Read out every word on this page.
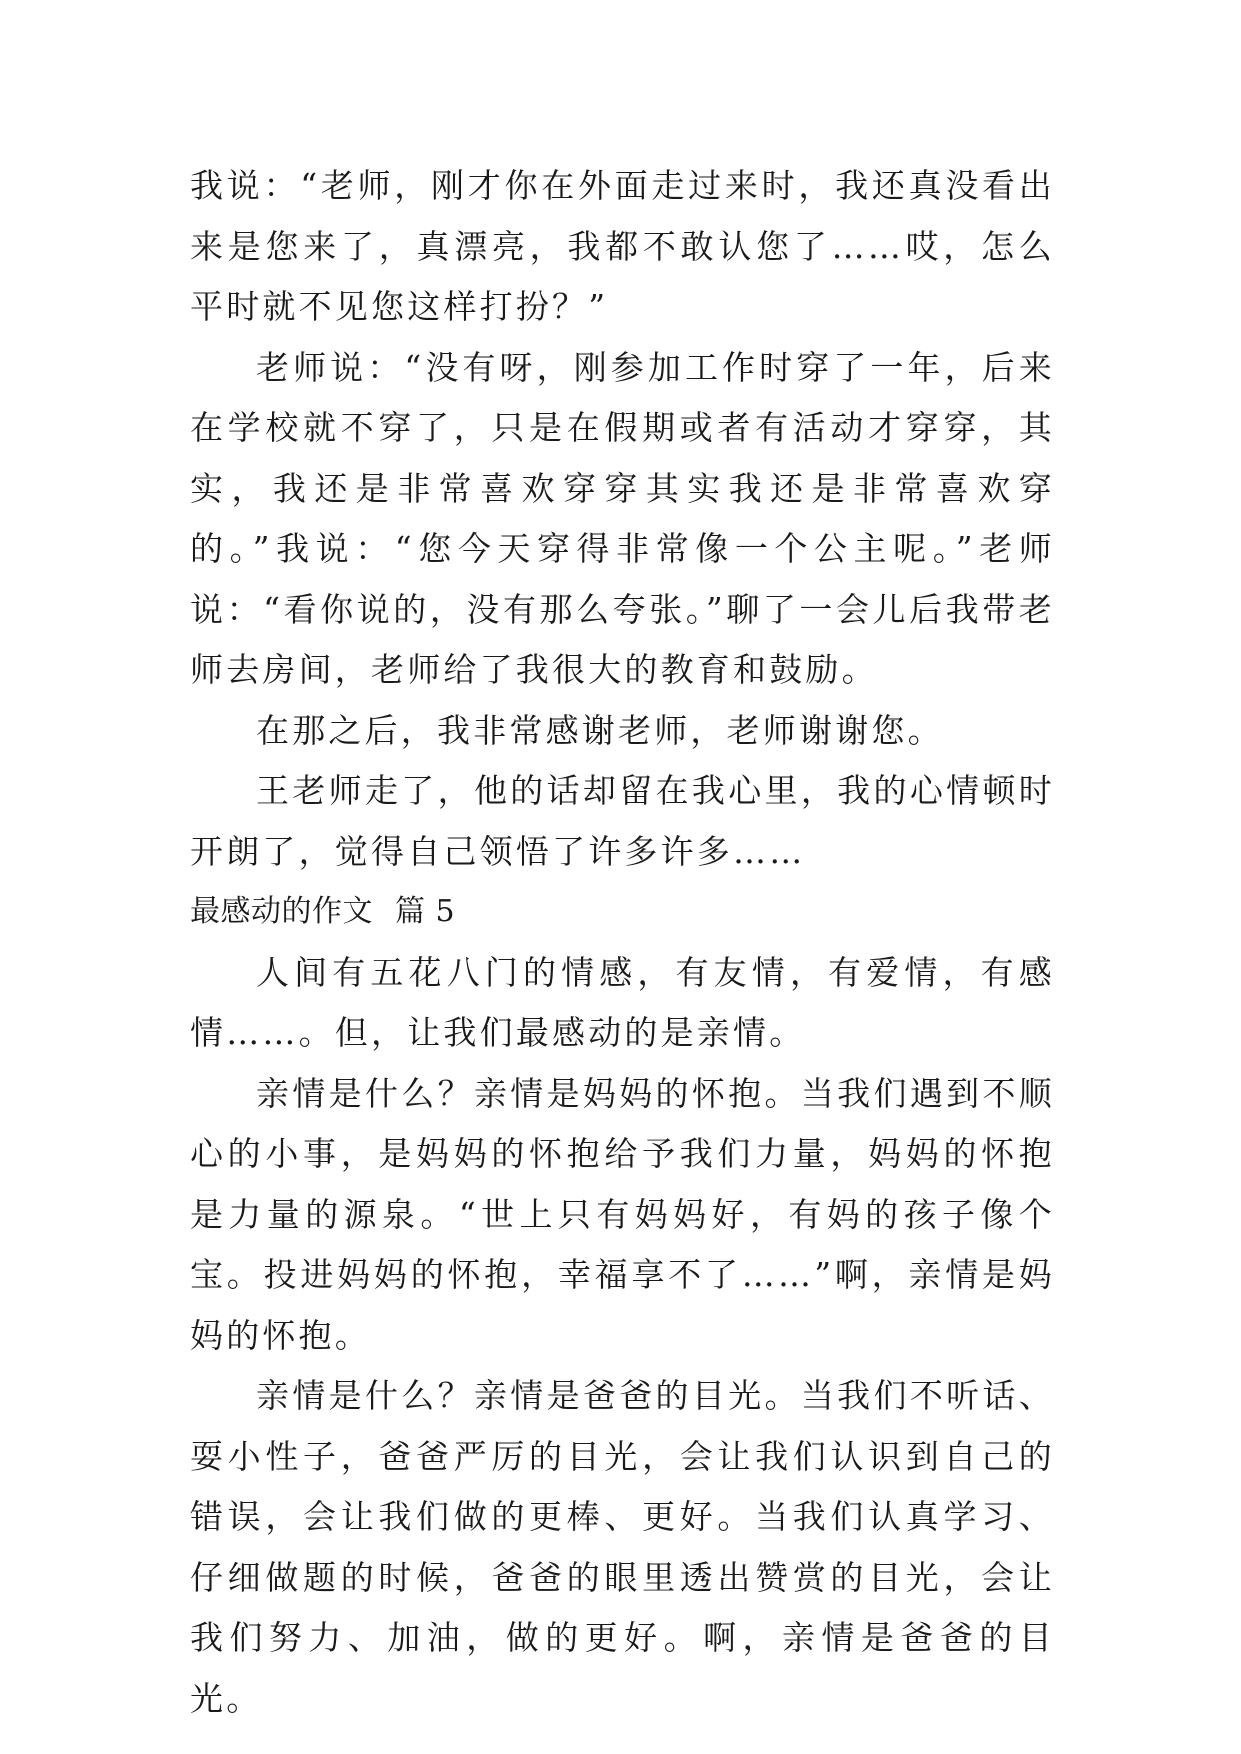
我说：“老师，刚才你在外面走过来时，我还真没看出来是您来了，真漂亮，我都不敢认您了……哎，怎么平时就不见您这样打扮？”

老师说：“没有呀，刚参加工作时穿了一年，后来在学校就不穿了，只是在假期或者有活动才穿穿，其实，我还是非常喜欢穿穿其实我还是非常喜欢穿的。”我说：“您今天穿得非常像一个公主呢。”老师说：“看你说的，没有那么夸张。”聊了一会儿后我带老师去房间，老师给了我很大的教育和鼓励。

在那之后，我非常感谢老师，老师谢谢您。

王老师走了，他的话却留在我心里，我的心情顿时开朗了，觉得自己领悟了许多许多……

最感动的作文 篇 5

人间有五花八门的情感，有友情，有爱情，有感情……。但，让我们最感动的是亲情。

亲情是什么？亲情是妈妈的怀抱。当我们遇到不顺心的小事，是妈妈的怀抱给予我们力量，妈妈的怀抱是力量的源泉。“世上只有妈妈好，有妈的孩子像个宝。投进妈妈的怀抱，幸福享不了……”啊，亲情是妈妈的怀抱。

亲情是什么？亲情是爸爸的目光。当我们不听话、耍小性子，爸爸严厉的目光，会让我们认识到自己的错误，会让我们做的更棒、更好。当我们认真学习、仔细做题的时候，爸爸的眼里透出赞赏的目光，会让我们努力、加油，做的更好。啊，亲情是爸爸的目光。
